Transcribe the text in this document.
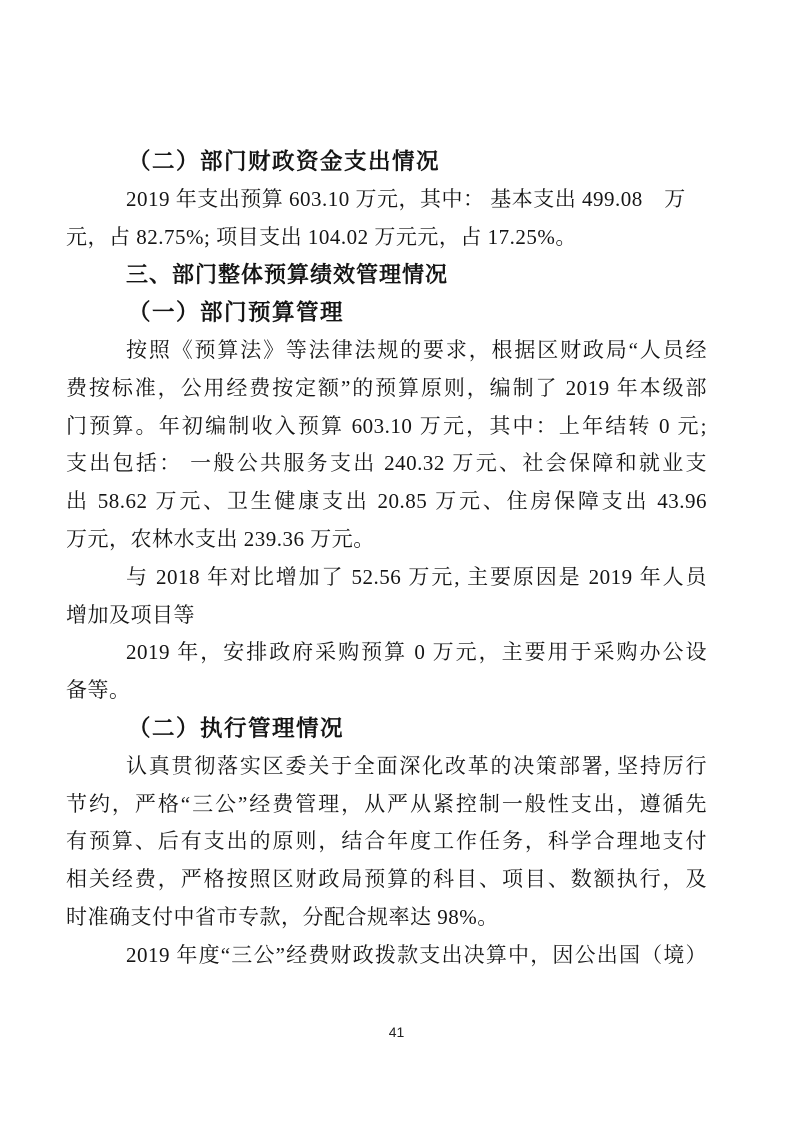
（二）部门财政资金支出情况
2019 年支出预算 603.10 万元，其中： 基本支出 499.08　万
元，占 82.75%; 项目支出 104.02 万元元，占 17.25%。
三、部门整体预算绩效管理情况
（一）部门预算管理
按照《预算法》等法律法规的要求，根据区财政局“人员经
费按标准，公用经费按定额”的预算原则，编制了 2019 年本级部
门预算。年初编制收入预算 603.10 万元，其中：上年结转 0 元;
支出包括： 一般公共服务支出 240.32 万元、社会保障和就业支
出 58.62 万元、卫生健康支出 20.85 万元、住房保障支出 43.96
万元，农林水支出 239.36 万元。
与 2018 年对比增加了 52.56 万元, 主要原因是 2019 年人员
增加及项目等
2019 年，安排政府采购预算 0 万元，主要用于采购办公设
备等。
（二）执行管理情况
认真贯彻落实区委关于全面深化改革的决策部署, 坚持厉行
节约，严格“三公”经费管理，从严从紧控制一般性支出，遵循先
有预算、后有支出的原则，结合年度工作任务，科学合理地支付
相关经费，严格按照区财政局预算的科目、项目、数额执行，及
时准确支付中省市专款，分配合规率达 98%。
2019 年度“三公”经费财政拨款支出决算中，因公出国（境）
41
